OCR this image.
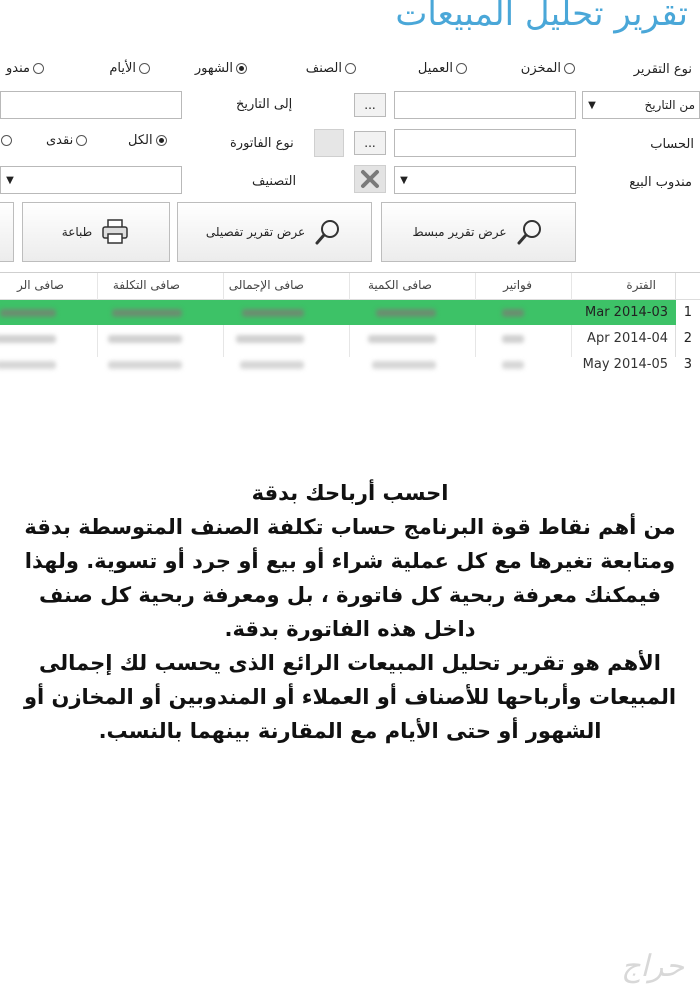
تقرير تحليل المبيعات
نوع التقرير
المخزن
العميل
الصنف
الشهور
الأيام
مندو
من التاريخ
▼
...
إلى التاريخ
الحساب
...
نوع الفاتورة
الكل
نقدى
مندوب البيع
▼
التصنيف
▼
عرض تقرير مبسط
عرض تقرير تفصيلى
طباعة
الفترة
فواتير
صافى الكمية
صافى الإجمالى
صافى التكلفة
صافى الر
Mar 2014-03 1
Apr 2014-04 2
May 2014-05 3
احسب أرباحك بدقة
من أهم نقاط قوة البرنامج حساب تكلفة الصنف المتوسطة بدقة ومتابعة تغيرها مع كل عملية شراء أو بيع أو جرد أو تسوية. ولهذا فيمكنك معرفة ربحية كل فاتورة ، بل ومعرفة ربحية كل صنف داخل هذه الفاتورة بدقة.
الأهم هو تقرير تحليل المبيعات الرائع الذى يحسب لك إجمالى المبيعات وأرباحها للأصناف أو العملاء أو المندوبين أو المخازن أو الشهور أو حتى الأيام مع المقارنة بينهما بالنسب.
حراج
